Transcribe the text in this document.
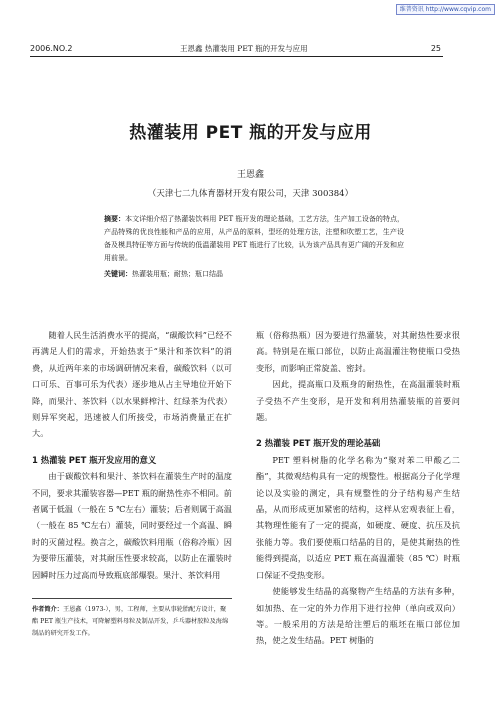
维普资讯 http://www.cqvip.com
2006.NO.2	王恩鑫 热灌装用 PET 瓶的开发与应用	25
热灌装用 PET 瓶的开发与应用
王恩鑫
（天津七二九体育器材开发有限公司，天津 300384）
摘要：本文详细介绍了热灌装饮料用 PET 瓶开发的理论基础，工艺方法，生产加工设备的特点，产品特殊的优良性能和产品的应用，从产品的原料，型坯的处理方法，注塑和吹塑工艺，生产设备及模具特征等方面与传统的低温灌装用 PET 瓶进行了比较，认为该产品具有更广阔的开发和应用前景。
关键词：热灌装用瓶；耐热；瓶口结晶

随着人民生活消费水平的提高，“碳酸饮料”已经不再满足人们的需求，开始热衷于“果汁和茶饮料”的消费，从近两年来的市场调研情况来看，碳酸饮料（以可口可乐、百事可乐为代表）逐步地从占主导地位开始下降，而果汁、茶饮料（以水果鲜榨汁、红绿茶为代表）则异军突起，迅速被人们所接受，市场消费量正在扩大。

1 热灌装 PET 瓶开发应用的意义

由于碳酸饮料和果汁、茶饮料在灌装生产时的温度不同，要求其灌装容器—PET 瓶的耐热性亦不相同。前者属于低温（一般在 5 ℃左右）灌装；后者则属于高温（一般在 85 ℃左右）灌装，同时要经过一个高温、瞬时的灭菌过程。换言之，碳酸饮料用瓶（俗称冷瓶）因为要带压灌装，对其耐压性要求较高，以防止在灌装时因瞬时压力过高而导致瓶底部爆裂。果汁、茶饮料用

瓶（俗称热瓶）因为要进行热灌装，对其耐热性要求很高。特别是在瓶口部位，以防止高温灌注物使瓶口受热变形，而影响正常旋盖、密封。

因此，提高瓶口及瓶身的耐热性，在高温灌装时瓶子受热不产生变形，是开发和利用热灌装瓶的首要问题。

2 热灌装 PET 瓶开发的理论基础

PET 塑料树脂的化学名称为“聚对苯二甲酸乙二酯”，其微观结构具有一定的规整性。根据高分子化学理论以及实验的测定，具有规整性的分子结构易产生结晶，从而形成更加紧密的结构，这样从宏观表征上看，其物理性能有了一定的提高，如硬度、硬度、抗压及抗张能力等。我们要使瓶口结晶的目的，是使其耐热的性能得到提高，以适应 PET 瓶在高温灌装（85 ℃）时瓶口保证不受热变形。

使能够发生结晶的高聚物产生结晶的方法有多种，如加热、在一定的外力作用下进行拉伸（单向或双向）等。一般采用的方法是给注塑后的瓶坯在瓶口部位加热，使之发生结晶。PET 树脂的

作者简介：王恩鑫（1973-），男，工程师，主要从事轮胎配方设计，聚酯 PET 瓶生产技术，可降解塑料母粒及制品开发，乒乓器材胶粒及海绵制品的研究开发工作。
